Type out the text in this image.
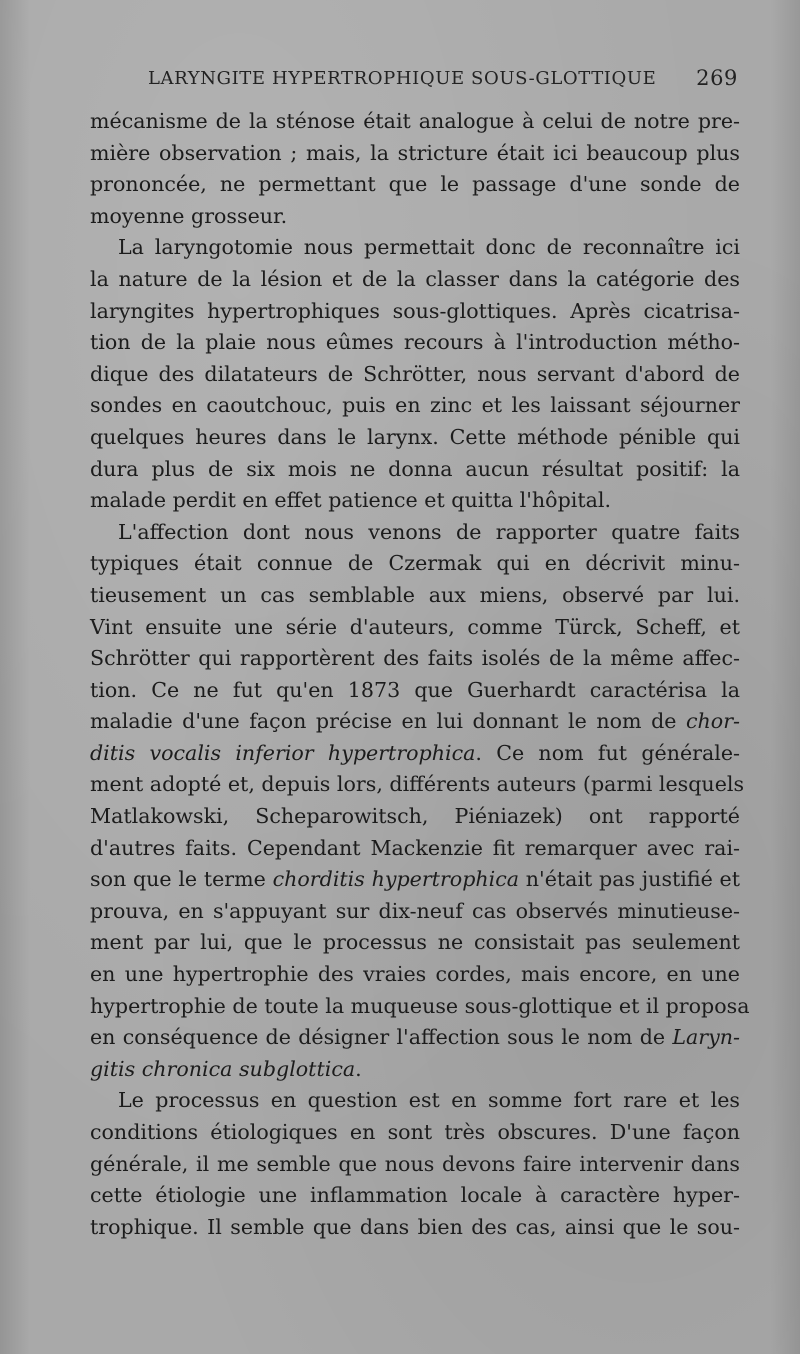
LARYNGITE HYPERTROPHIQUE SOUS-GLOTTIQUE 269
mécanisme de la sténose était analogue à celui de notre pre-
mière observation ; mais, la stricture était ici beaucoup plus
prononcée, ne permettant que le passage d'une sonde de
moyenne grosseur.
La laryngotomie nous permettait donc de reconnaître ici
la nature de la lésion et de la classer dans la catégorie des
laryngites hypertrophiques sous-glottiques. Après cicatrisa-
tion de la plaie nous eûmes recours à l'introduction métho-
dique des dilatateurs de Schrötter, nous servant d'abord de
sondes en caoutchouc, puis en zinc et les laissant séjourner
quelques heures dans le larynx. Cette méthode pénible qui
dura plus de six mois ne donna aucun résultat positif: la
malade perdit en effet patience et quitta l'hôpital.
L'affection dont nous venons de rapporter quatre faits
typiques était connue de Czermak qui en décrivit minu-
tieusement un cas semblable aux miens, observé par lui.
Vint ensuite une série d'auteurs, comme Türck, Scheff, et
Schrötter qui rapportèrent des faits isolés de la même affec-
tion. Ce ne fut qu'en 1873 que Guerhardt caractérisa la
maladie d'une façon précise en lui donnant le nom de chor-
ditis vocalis inferior hypertrophica. Ce nom fut générale-
ment adopté et, depuis lors, différents auteurs (parmi lesquels
Matlakowski, Scheparowitsch, Piéniazek) ont rapporté
d'autres faits. Cependant Mackenzie fit remarquer avec rai-
son que le terme chorditis hypertrophica n'était pas justifié et
prouva, en s'appuyant sur dix-neuf cas observés minutieuse-
ment par lui, que le processus ne consistait pas seulement
en une hypertrophie des vraies cordes, mais encore, en une
hypertrophie de toute la muqueuse sous-glottique et il proposa
en conséquence de désigner l'affection sous le nom de Laryn-
gitis chronica subglottica.
Le processus en question est en somme fort rare et les
conditions étiologiques en sont très obscures. D'une façon
générale, il me semble que nous devons faire intervenir dans
cette étiologie une inflammation locale à caractère hyper-
trophique. Il semble que dans bien des cas, ainsi que le sou-
